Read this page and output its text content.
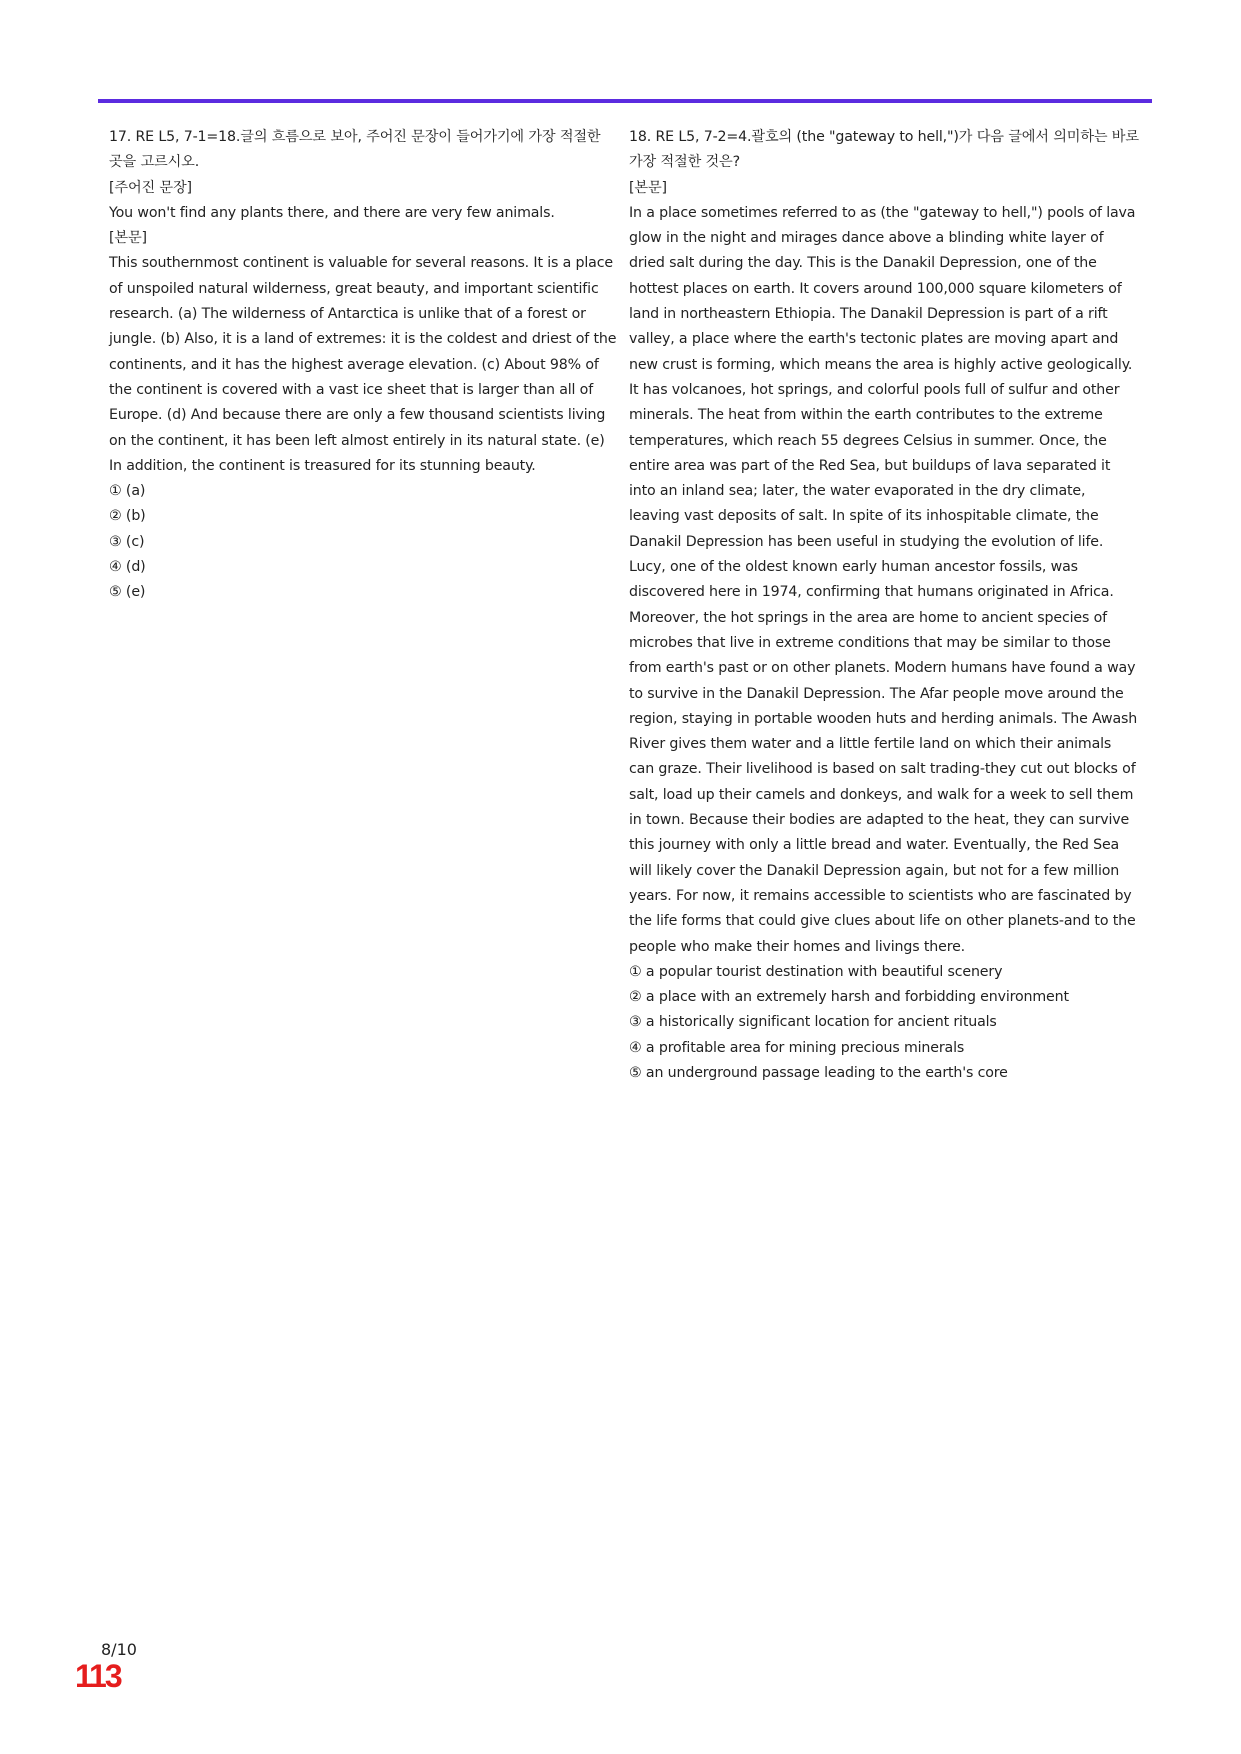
17. RE L5, 7-1=18.글의 흐름으로 보아, 주어진 문장이 들어가기에 가장 적절한 곳을 고르시오.

[주어진 문장]

You won't find any plants there, and there are very few animals.

[본문]

This southernmost continent is valuable for several reasons. It is a place of unspoiled natural wilderness, great beauty, and important scientific research. (a) The wilderness of Antarctica is unlike that of a forest or jungle. (b) Also, it is a land of extremes: it is the coldest and driest of the continents, and it has the highest average elevation. (c) About 98% of the continent is covered with a vast ice sheet that is larger than all of Europe. (d) And because there are only a few thousand scientists living on the continent, it has been left almost entirely in its natural state. (e) In addition, the continent is treasured for its stunning beauty.

① (a)
② (b)
③ (c)
④ (d)
⑤ (e)

18. RE L5, 7-2=4.괄호의 (the "gateway to hell,")가 다음 글에서 의미하는 바로 가장 적절한 것은?

[본문]

In a place sometimes referred to as (the "gateway to hell,") pools of lava glow in the night and mirages dance above a blinding white layer of dried salt during the day. This is the Danakil Depression, one of the hottest places on earth. It covers around 100,000 square kilometers of land in northeastern Ethiopia. The Danakil Depression is part of a rift valley, a place where the earth's tectonic plates are moving apart and new crust is forming, which means the area is highly active geologically. It has volcanoes, hot springs, and colorful pools full of sulfur and other minerals. The heat from within the earth contributes to the extreme temperatures, which reach 55 degrees Celsius in summer. Once, the entire area was part of the Red Sea, but buildups of lava separated it into an inland sea; later, the water evaporated in the dry climate, leaving vast deposits of salt. In spite of its inhospitable climate, the Danakil Depression has been useful in studying the evolution of life. Lucy, one of the oldest known early human ancestor fossils, was discovered here in 1974, confirming that humans originated in Africa. Moreover, the hot springs in the area are home to ancient species of microbes that live in extreme conditions that may be similar to those from earth's past or on other planets. Modern humans have found a way to survive in the Danakil Depression. The Afar people move around the region, staying in portable wooden huts and herding animals. The Awash River gives them water and a little fertile land on which their animals can graze. Their livelihood is based on salt trading-they cut out blocks of salt, load up their camels and donkeys, and walk for a week to sell them in town. Because their bodies are adapted to the heat, they can survive this journey with only a little bread and water. Eventually, the Red Sea will likely cover the Danakil Depression again, but not for a few million years. For now, it remains accessible to scientists who are fascinated by the life forms that could give clues about life on other planets-and to the people who make their homes and livings there.

① a popular tourist destination with beautiful scenery
② a place with an extremely harsh and forbidding environment
③ a historically significant location for ancient rituals
④ a profitable area for mining precious minerals
⑤ an underground passage leading to the earth's core
8/10
113
